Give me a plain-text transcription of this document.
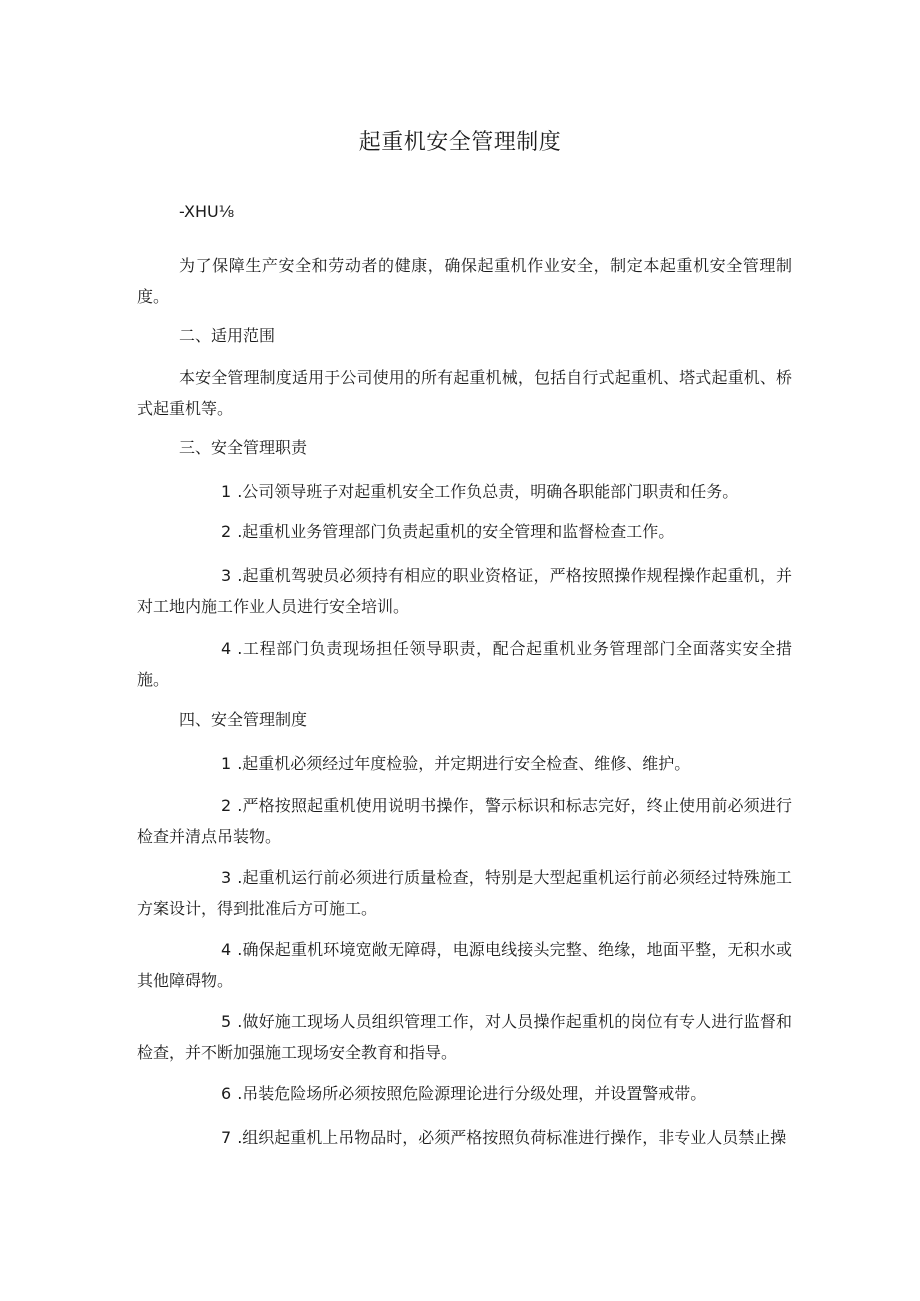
起重机安全管理制度

-XHU⅛

为了保障生产安全和劳动者的健康，确保起重机作业安全，制定本起重机安全管理制度。

二、适用范围

本安全管理制度适用于公司使用的所有起重机械，包括自行式起重机、塔式起重机、桥式起重机等。

三、安全管理职责

1 .公司领导班子对起重机安全工作负总责，明确各职能部门职责和任务。

2 .起重机业务管理部门负责起重机的安全管理和监督检查工作。

3 .起重机驾驶员必须持有相应的职业资格证，严格按照操作规程操作起重机，并对工地内施工作业人员进行安全培训。

4 .工程部门负责现场担任领导职责，配合起重机业务管理部门全面落实安全措施。

四、安全管理制度

1 .起重机必须经过年度检验，并定期进行安全检查、维修、维护。

2 .严格按照起重机使用说明书操作，警示标识和标志完好，终止使用前必须进行检查并清点吊装物。

3 .起重机运行前必须进行质量检查，特别是大型起重机运行前必须经过特殊施工方案设计，得到批准后方可施工。

4 .确保起重机环境宽敞无障碍，电源电线接头完整、绝缘，地面平整，无积水或其他障碍物。

5 .做好施工现场人员组织管理工作，对人员操作起重机的岗位有专人进行监督和检查，并不断加强施工现场安全教育和指导。

6 .吊装危险场所必须按照危险源理论进行分级处理，并设置警戒带。

7 .组织起重机上吊物品时，必须严格按照负荷标准进行操作，非专业人员禁止操
